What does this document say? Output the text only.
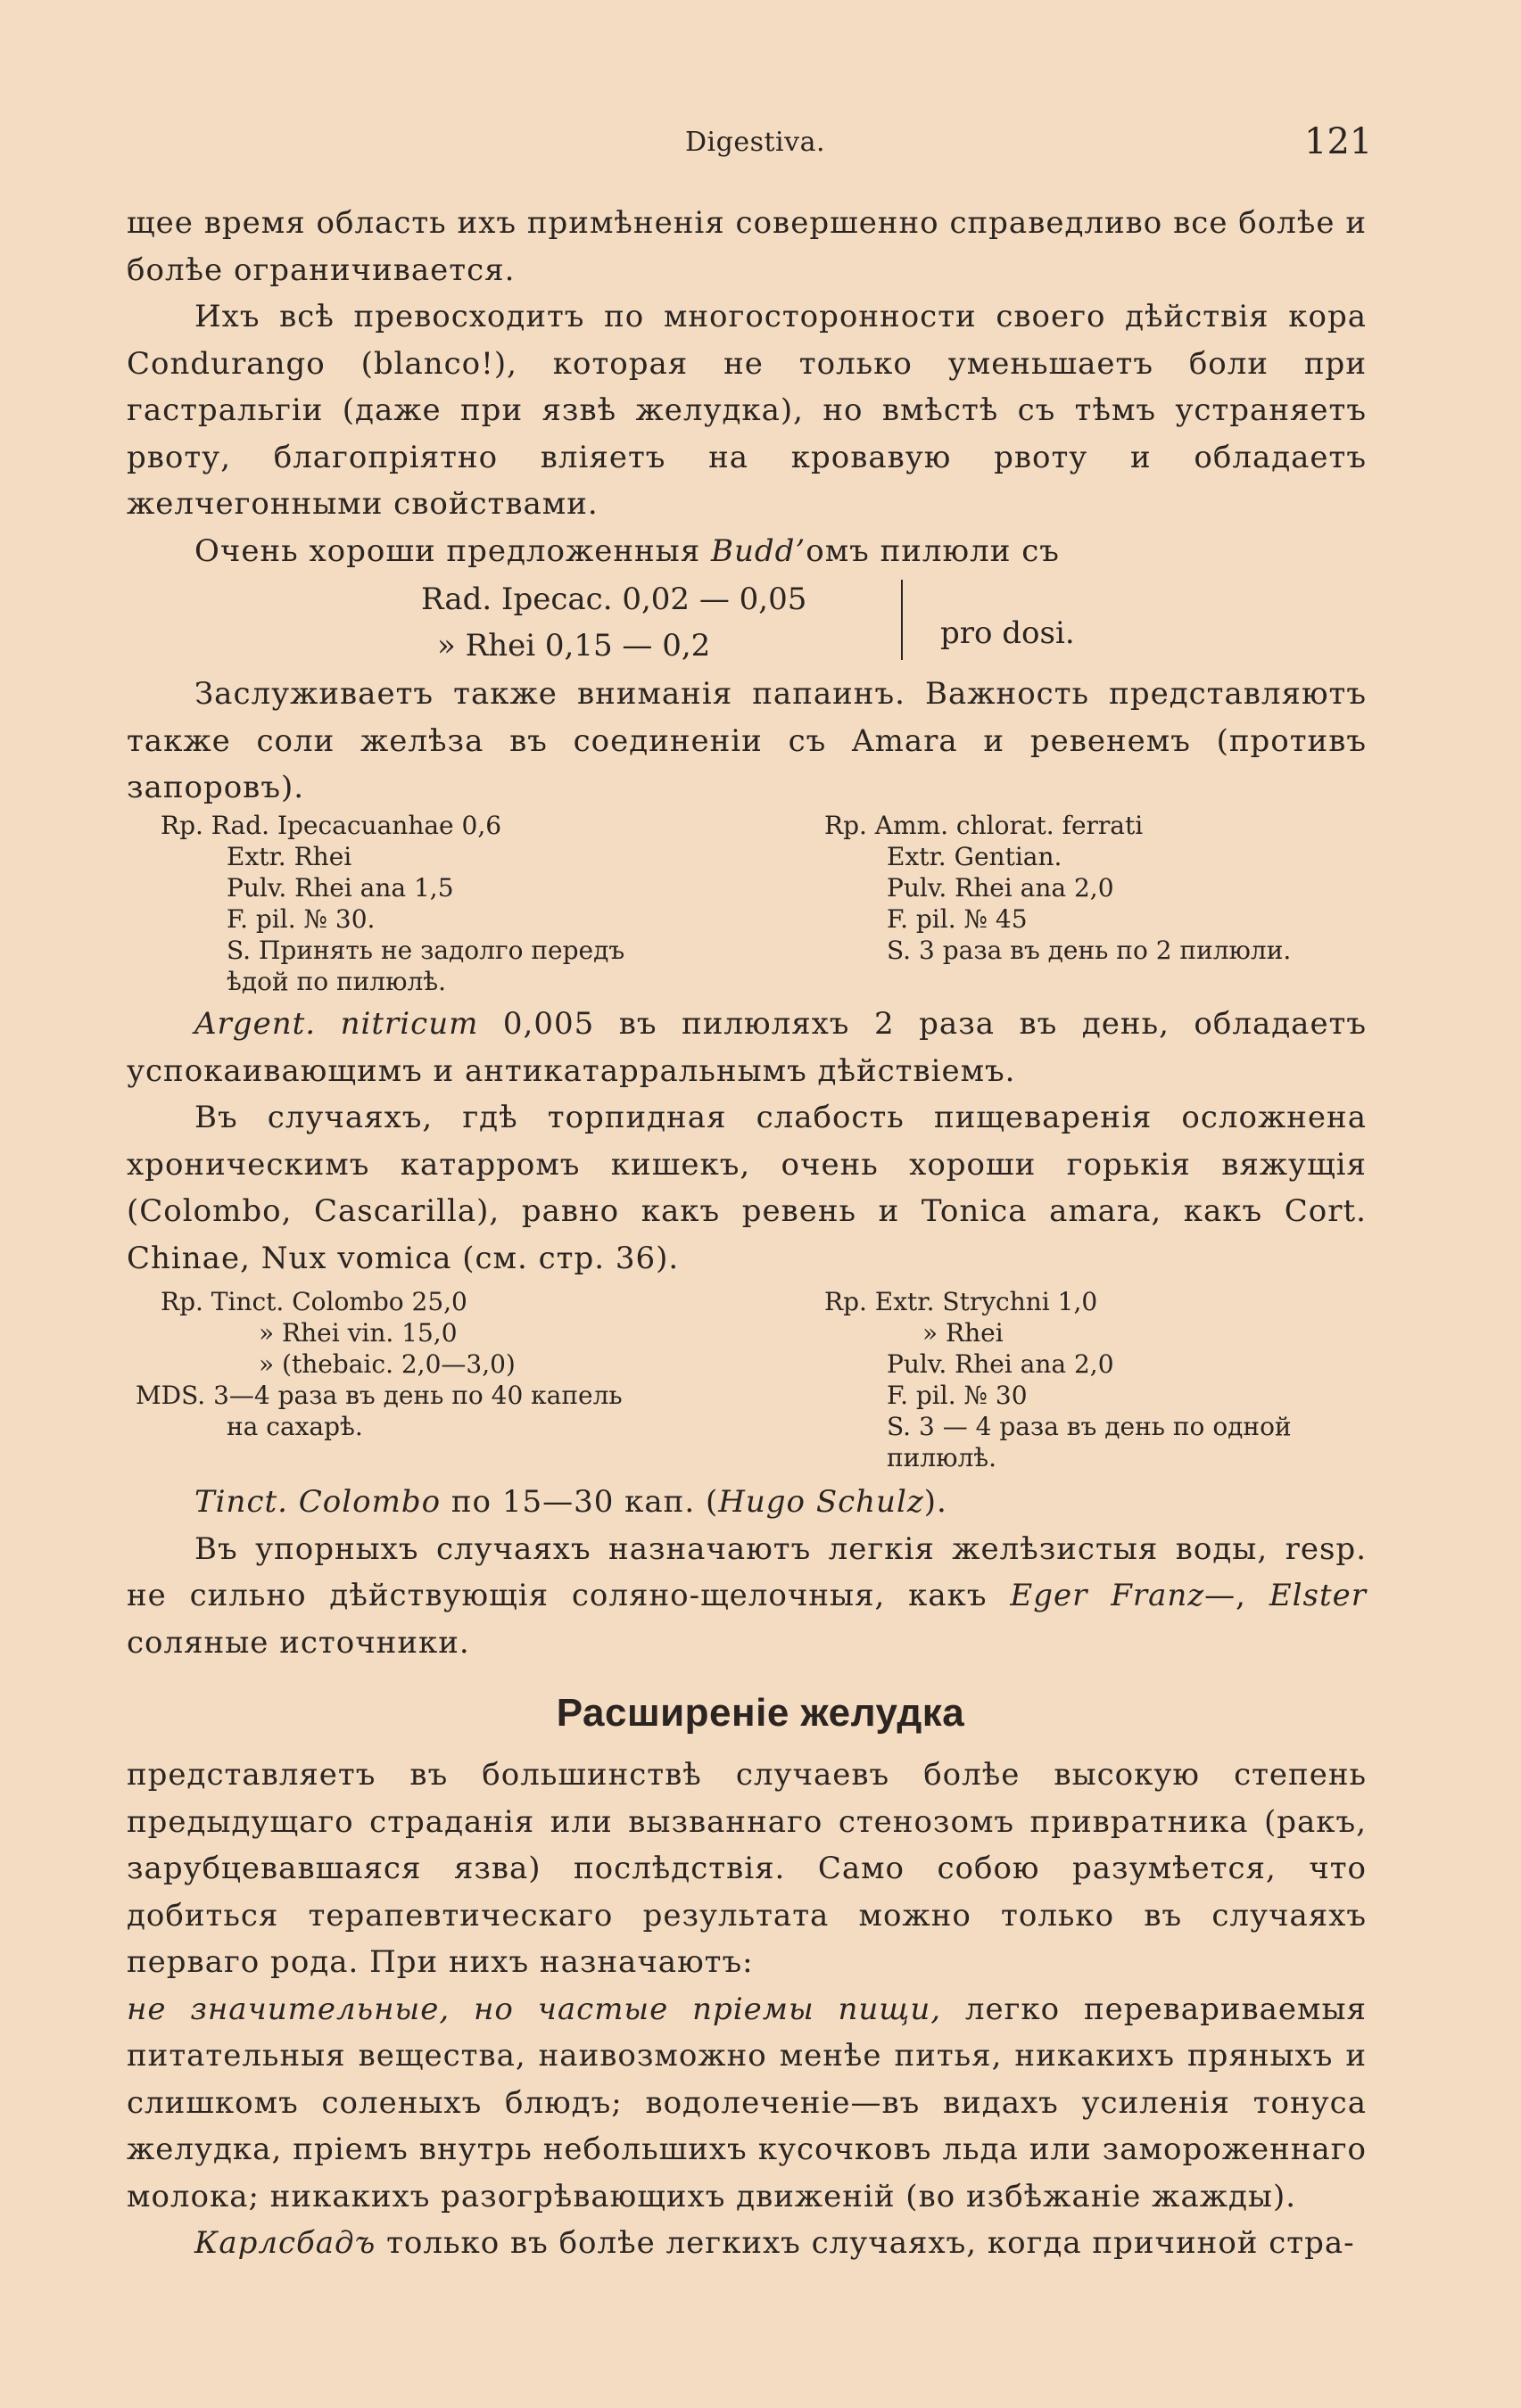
Digestiva.	121

щее время область ихъ примѣненія совершенно справедливо все болѣе и болѣе ограничивается.

Ихъ всѣ превосходитъ по многосторонности своего дѣйствія кора Condurango (blanco!), которая не только уменьшаетъ боли при гастральгіи (даже при язвѣ желудка), но вмѣстѣ съ тѣмъ устраняетъ рвоту, благопріятно вліяетъ на кровавую рвоту и обладаетъ желчегонными свойствами.

Очень хороши предложенныя Budd’омъ пилюли съ

Rad. Ipecac. 0,02 — 0,05
» Rhei 0,15 — 0,2	pro dosi.

Заслуживаетъ также вниманія папаинъ. Важность представляютъ также соли желѣза въ соединеніи съ Amara и ревенемъ (противъ запоровъ).

Rp. Rad. Ipecacuanhae 0,6
Extr. Rhei
Pulv. Rhei ana 1,5
F. pil. № 30.
S. Принять не задолго передъ
ѣдой по пилюлѣ.
Rp. Amm. chlorat. ferrati
Extr. Gentian.
Pulv. Rhei ana 2,0
F. pil. № 45
S. 3 раза въ день по 2 пилюли.

Argent. nitricum 0,005 въ пилюляхъ 2 раза въ день, обладаетъ успокаивающимъ и антикатарральнымъ дѣйствіемъ.

Въ случаяхъ, гдѣ торпидная слабость пищеваренія осложнена хроническимъ катарромъ кишекъ, очень хороши горькія вяжущія (Colombo, Cascarilla), равно какъ ревень и Tonica amara, какъ Cort. Chinae, Nux vomica (см. стр. 36).

Rp. Tinct. Colombo 25,0
» Rhei vin. 15,0
» (thebaic. 2,0—3,0)
MDS. 3—4 раза въ день по 40 капель
на сахарѣ.
Rp. Extr. Strychni 1,0
» Rhei
Pulv. Rhei ana 2,0
F. pil. № 30
S. 3 — 4 раза въ день по одной
пилюлѣ.

Tinct. Colombo по 15—30 кап. (Hugo Schulz).

Въ упорныхъ случаяхъ назначаютъ легкія желѣзистыя воды, resp. не сильно дѣйствующія соляно-щелочныя, какъ Eger Franz—, Elster соляные источники.

Расширеніе желудка

представляетъ въ большинствѣ случаевъ болѣе высокую степень предыдущаго страданія или вызваннаго стенозомъ привратника (ракъ, зарубцевавшаяся язва) послѣдствія. Само собою разумѣется, что добиться терапевтическаго результата можно только въ случаяхъ перваго рода. При нихъ назначаютъ:

не значительные, но частые пріемы пищи, легко перевариваемыя питательныя вещества, наивозможно менѣе питья, никакихъ пряныхъ и слишкомъ соленыхъ блюдъ; водолеченіе—въ видахъ усиленія тонуса желудка, пріемъ внутрь небольшихъ кусочковъ льда или замороженнаго молока; никакихъ разогрѣвающихъ движеній (во избѣжаніе жажды).

Карлсбадъ только въ болѣе легкихъ случаяхъ, когда причиной стра-
